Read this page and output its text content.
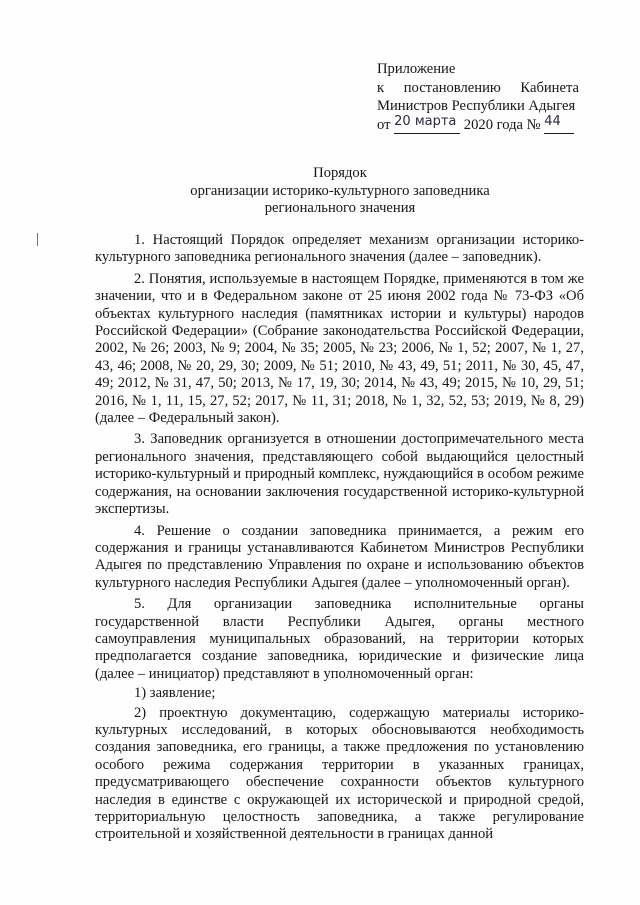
Приложение
к постановлению Кабинета
Министров Республики Адыгея
от 20 марта 2020 года № 44
Порядок
организации историко-культурного заповедника
регионального значения

1. Настоящий Порядок определяет механизм организации историко-культурного заповедника регионального значения (далее – заповедник).

2. Понятия, используемые в настоящем Порядке, применяются в том же значении, что и в Федеральном законе от 25 июня 2002 года № 73-ФЗ «Об объектах культурного наследия (памятниках истории и культуры) народов Российской Федерации» (Собрание законодательства Российской Федерации, 2002, № 26; 2003, № 9; 2004, № 35; 2005, № 23; 2006, № 1, 52; 2007, № 1, 27, 43, 46; 2008, № 20, 29, 30; 2009, № 51; 2010, № 43, 49, 51; 2011, № 30, 45, 47, 49; 2012, № 31, 47, 50; 2013, № 17, 19, 30; 2014, № 43, 49; 2015, № 10, 29, 51; 2016, № 1, 11, 15, 27, 52; 2017, № 11, 31; 2018, № 1, 32, 52, 53; 2019, № 8, 29) (далее – Федеральный закон).

3. Заповедник организуется в отношении достопримечательного места регионального значения, представляющего собой выдающийся целостный историко-культурный и природный комплекс, нуждающийся в особом режиме содержания, на основании заключения государственной историко-культурной экспертизы.

4. Решение о создании заповедника принимается, а режим его содержания и границы устанавливаются Кабинетом Министров Республики Адыгея по представлению Управления по охране и использованию объектов культурного наследия Республики Адыгея (далее – уполномоченный орган).

5. Для организации заповедника исполнительные органы государственной власти Республики Адыгея, органы местного самоуправления муниципальных образований, на территории которых предполагается создание заповедника, юридические и физические лица (далее – инициатор) представляют в уполномоченный орган:

1) заявление;

2) проектную документацию, содержащую материалы историко-культурных исследований, в которых обосновываются необходимость создания заповедника, его границы, а также предложения по установлению особого режима содержания территории в указанных границах, предусматривающего обеспечение сохранности объектов культурного наследия в единстве с окружающей их исторической и природной средой, территориальную целостность заповедника, а также регулирование строительной и хозяйственной деятельности в границах данной
